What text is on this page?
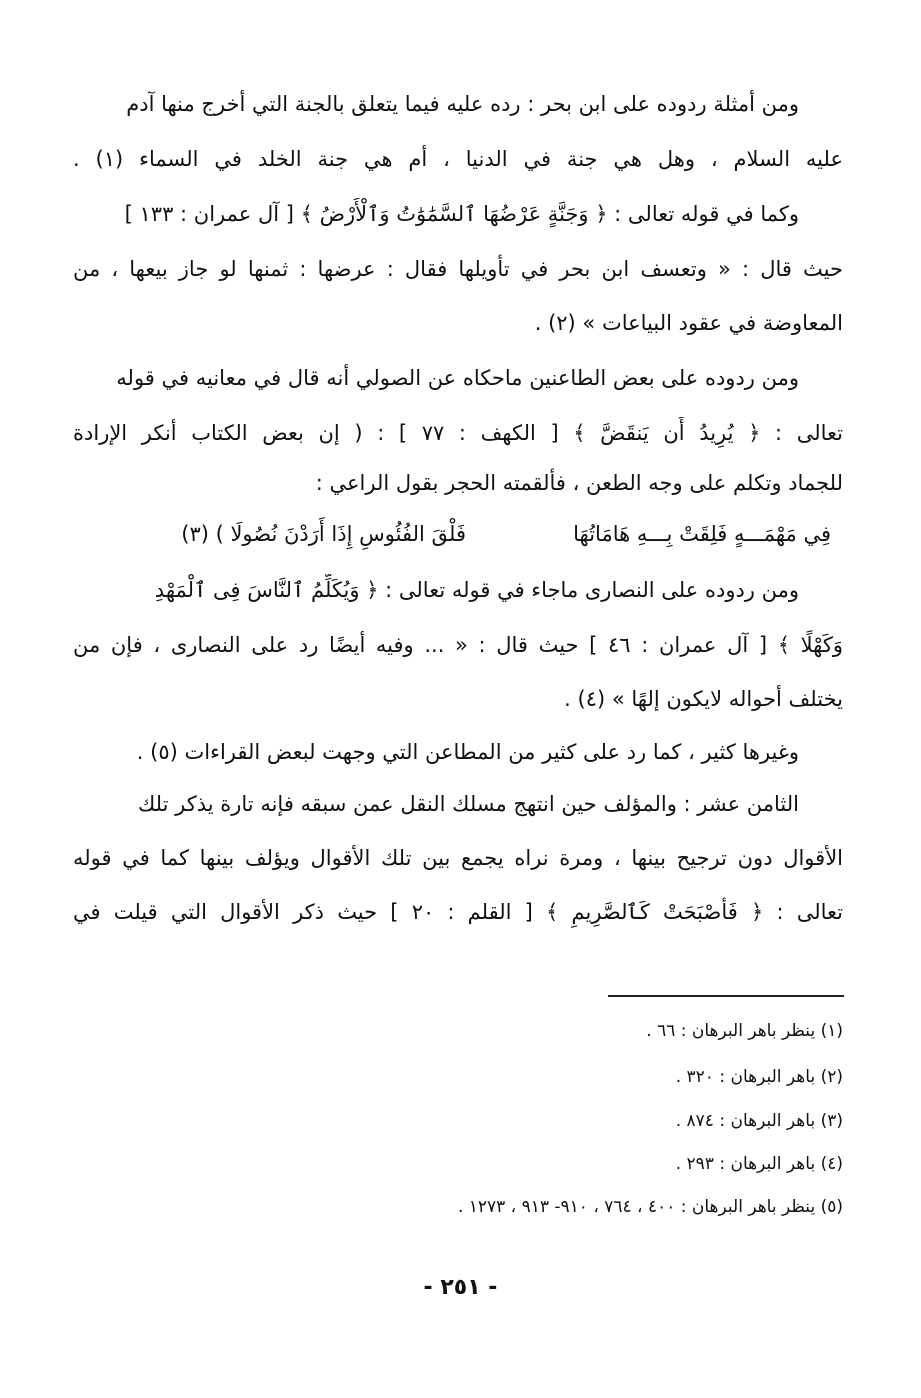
ومن أمثلة ردوده على ابن بحر : رده عليه فيما يتعلق بالجنة التي أخرج منها آدم
عليه السلام ، وهل هي جنة في الدنيا ، أم هي جنة الخلد في السماء (١) .
وكما في قوله تعالى : ﴿ وَجَنَّةٍ عَرْضُهَا ٱلسَّمَٰوَٰتُ وَٱلْأَرْضُ ﴾ [ آل عمران : ١٣٣ ]
حيث قال : « وتعسف ابن بحر في تأويلها فقال : عرضها : ثمنها لو جاز بيعها ، من
المعاوضة في عقود البياعات » (٢) .
ومن ردوده على بعض الطاعنين ماحكاه عن الصولي أنه قال في معانيه في قوله
تعالى : ﴿ يُرِيدُ أَن يَنقَضَّ ﴾ [ الكهف : ٧٧ ] : ( إن بعض الكتاب أنكر الإرادة
للجماد وتكلم على وجه الطعن ، فألقمته الحجر بقول الراعي :
فِي مَهْمَـــهٍ فَلِقَتْ بِـــهِ هَامَاتُهَا
فَلْقَ الفُئُوسِ إِذَا أَرَدْنَ نُصُولَا ) (٣)
ومن ردوده على النصارى ماجاء في قوله تعالى : ﴿ وَيُكَلِّمُ ٱلنَّاسَ فِى ٱلْمَهْدِ
وَكَهْلًا ﴾ [ آل عمران : ٤٦ ] حيث قال : « ... وفيه أيضًا رد على النصارى ، فإن من
يختلف أحواله لايكون إلهًا » (٤) .
وغيرها كثير ، كما رد على كثير من المطاعن التي وجهت لبعض القراءات (٥) .
الثامن عشر : والمؤلف حين انتهج مسلك النقل عمن سبقه فإنه تارة يذكر تلك
الأقوال دون ترجيح بينها ، ومرة نراه يجمع بين تلك الأقوال ويؤلف بينها كما في قوله
تعالى : ﴿ فَأَصْبَحَتْ كَٱلصَّرِيمِ ﴾ [ القلم : ٢٠ ] حيث ذكر الأقوال التي قيلت في
(١) ينظر باهر البرهان : ٦٦ .
(٢) باهر البرهان : ٣٢٠ .
(٣) باهر البرهان : ٨٧٤ .
(٤) باهر البرهان : ٢٩٣ .
(٥) ينظر باهر البرهان : ٤٠٠ ، ٧٦٤ ، ٩١٠- ٩١٣ ، ١٢٧٣ .
- ٢٥١ -
